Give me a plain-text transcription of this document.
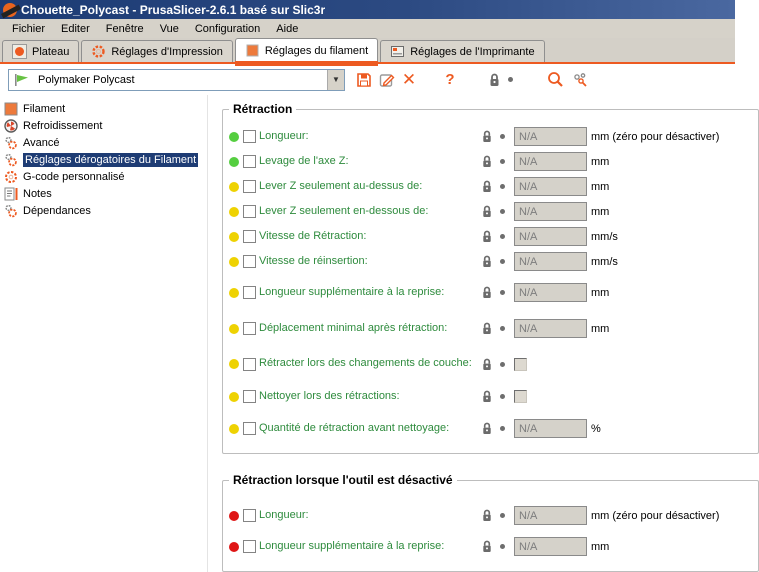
Chouette_Polycast - PrusaSlicer-2.6.1 basé sur Slic3r
Fichier	Editer	Fenêtre	Vue	Configuration	Aide
Plateau	Réglages d'Impression	Réglages du filament	Réglages de l'Imprimante
Polymaker Polycast	▼	✕	?
Filament
Refroidissement
Avancé
Réglages dérogatoires du Filament
G-code personnalisé
Notes
Dépendances
Rétraction
Longueur:
N/A	mm (zéro pour désactiver)
Levage de l'axe Z:
N/A	mm
Lever Z seulement au-dessus de:
N/A	mm
Lever Z seulement en-dessous de:
N/A	mm
Vitesse de Rétraction:
N/A	mm/s
Vitesse de réinsertion:
N/A	mm/s
Longueur supplémentaire à la reprise:
N/A	mm
Déplacement minimal après rétraction:
N/A	mm
Rétracter lors des changements de couche:
Nettoyer lors des rétractions:
Quantité de rétraction avant nettoyage:
N/A	%
Rétraction lorsque l'outil est désactivé
Longueur:
N/A	mm (zéro pour désactiver)
Longueur supplémentaire à la reprise:
N/A	mm
